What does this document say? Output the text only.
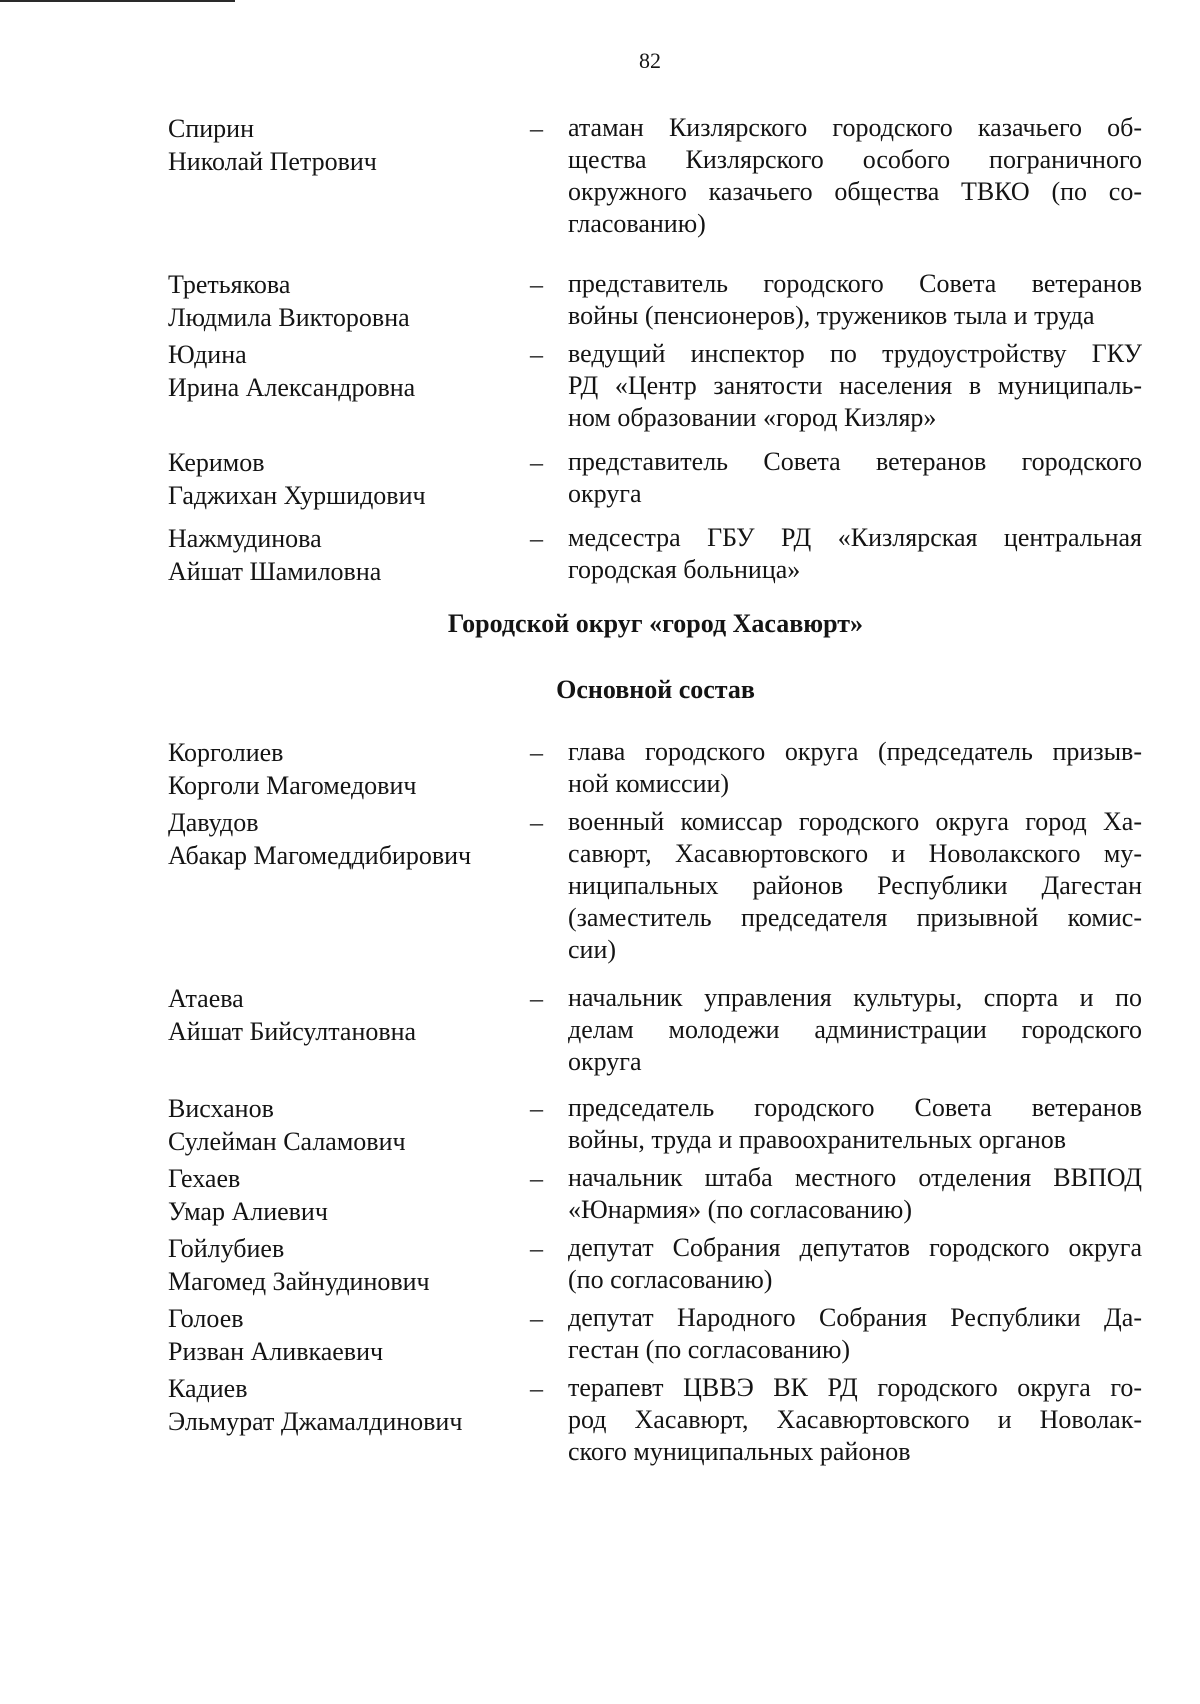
82
Спирин
Николай Петрович
– атаман Кизлярского городского казачьего об-
щества Кизлярского особого пограничного
окружного казачьего общества ТВКО (по со-
гласованию)
Третьякова
Людмила Викторовна
– представитель городского Совета ветеранов
войны (пенсионеров), тружеников тыла и труда
Юдина
Ирина Александровна
– ведущий инспектор по трудоустройству ГКУ
РД «Центр занятости населения в муниципаль-
ном образовании «город Кизляр»
Керимов
Гаджихан Хуршидович
– представитель Совета ветеранов городского
округа
Нажмудинова
Айшат Шамиловна
– медсестра ГБУ РД «Кизлярская центральная
городская больница»
Городской округ «город Хасавюрт»
Основной состав
Корголиев
Корголи Магомедович
– глава городского округа (председатель призыв-
ной комиссии)
Давудов
Абакар Магомеддибирович
– военный комиссар городского округа город Ха-
савюрт, Хасавюртовского и Новолакского му-
ниципальных районов Республики Дагестан
(заместитель председателя призывной комис-
сии)
Атаева
Айшат Бийсултановна
– начальник управления культуры, спорта и по
делам молодежи администрации городского
округа
Висханов
Сулейман Саламович
– председатель городского Совета ветеранов
войны, труда и правоохранительных органов
Гехаев
Умар Алиевич
– начальник штаба местного отделения ВВПОД
«Юнармия» (по согласованию)
Гойлубиев
Магомед Зайнудинович
– депутат Собрания депутатов городского округа
(по согласованию)
Голоев
Ризван Аливкаевич
– депутат Народного Собрания Республики Да-
гестан (по согласованию)
Кадиев
Эльмурат Джамалдинович
– терапевт ЦВВЭ ВК РД городского округа го-
род Хасавюрт, Хасавюртовского и Новолак-
ского муниципальных районов
